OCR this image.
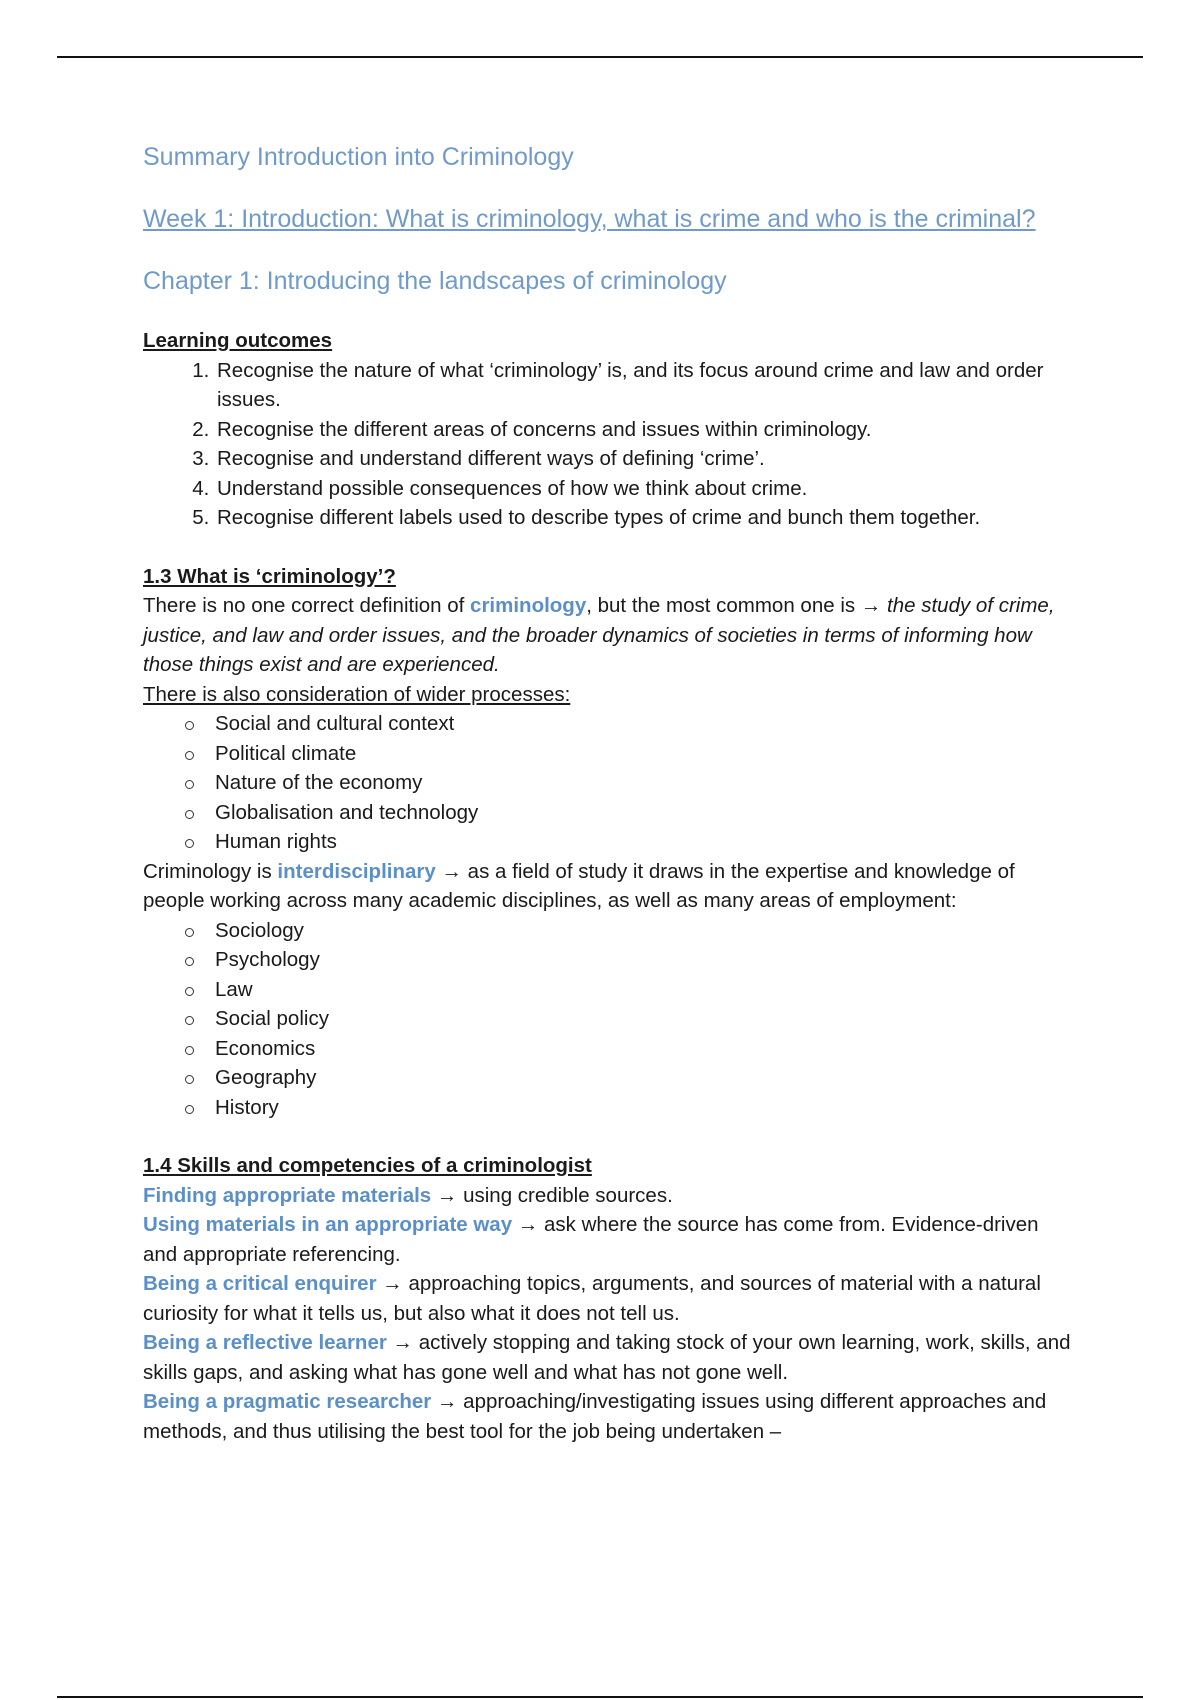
Summary Introduction into Criminology
Week 1: Introduction: What is criminology, what is crime and who is the criminal?
Chapter 1: Introducing the landscapes of criminology

Learning outcomes

1. Recognise the nature of what ‘criminology’ is, and its focus around crime and law and order issues.
2. Recognise the different areas of concerns and issues within criminology.
3. Recognise and understand different ways of defining ‘crime’.
4. Understand possible consequences of how we think about crime.
5. Recognise different labels used to describe types of crime and bunch them together.

1.3 What is ‘criminology’?

There is no one correct definition of criminology, but the most common one is → the study of crime, justice, and law and order issues, and the broader dynamics of societies in terms of informing how those things exist and are experienced.

There is also consideration of wider processes:

Social and cultural context
Political climate
Nature of the economy
Globalisation and technology
Human rights

Criminology is interdisciplinary → as a field of study it draws in the expertise and knowledge of people working across many academic disciplines, as well as many areas of employment:

Sociology
Psychology
Law
Social policy
Economics
Geography
History

1.4 Skills and competencies of a criminologist

Finding appropriate materials → using credible sources.

Using materials in an appropriate way → ask where the source has come from. Evidence-driven and appropriate referencing.

Being a critical enquirer → approaching topics, arguments, and sources of material with a natural curiosity for what it tells us, but also what it does not tell us.

Being a reflective learner → actively stopping and taking stock of your own learning, work, skills, and skills gaps, and asking what has gone well and what has not gone well.

Being a pragmatic researcher → approaching/investigating issues using different approaches and methods, and thus utilising the best tool for the job being undertaken –
